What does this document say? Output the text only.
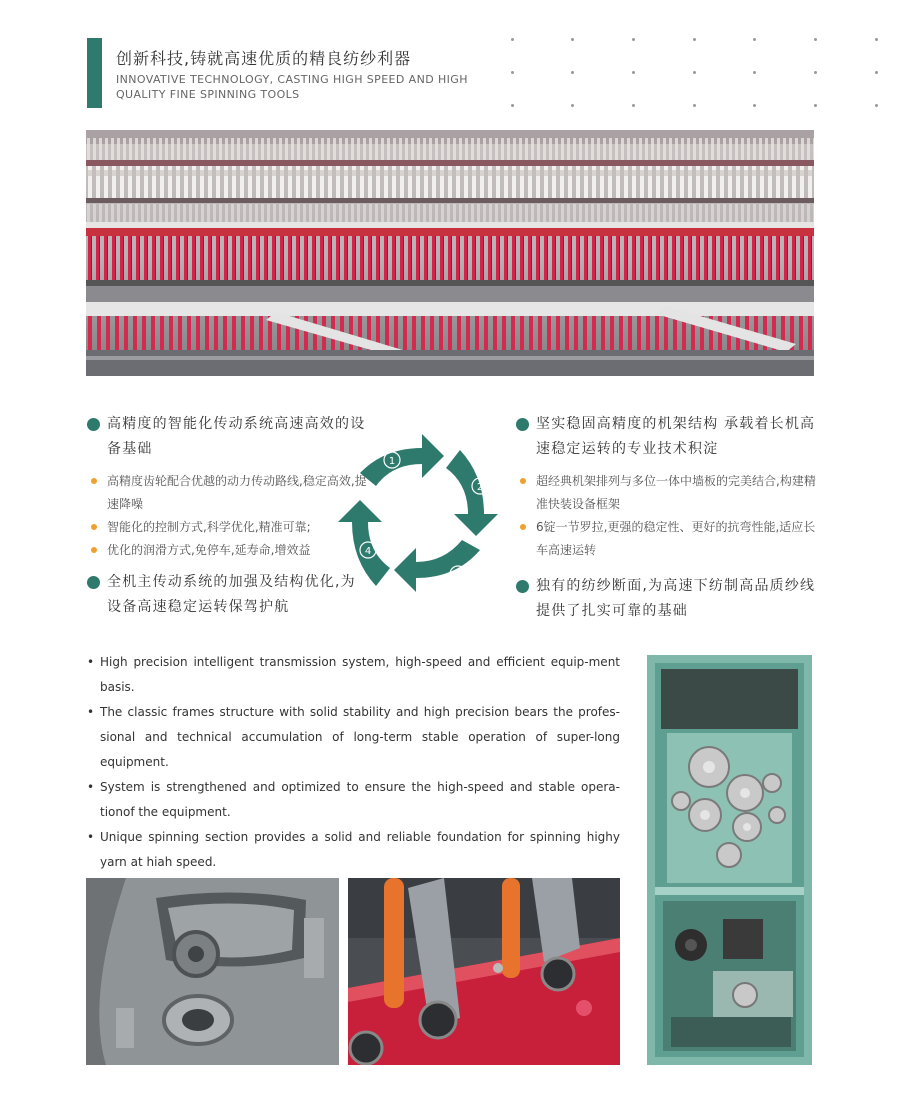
创新科技,铸就高速优质的精良纺纱利器
INNOVATIVE TECHNOLOGY, CASTING HIGH SPEED AND HIGH QUALITY FINE SPINNING TOOLS
高精度的智能化传动系统高速高效的设备基础
高精度齿轮配合优越的动力传动路线,稳定高效,提速降噪
智能化的控制方式,科学优化,精准可靠;
优化的润滑方式,免停车,延寿命,增效益
全机主传动系统的加强及结构优化,为设备高速稳定运转保驾护航
1
2
3
4
坚实稳固高精度的机架结构 承载着长机高速稳定运转的专业技术积淀
超经典机架排列与多位一体中墙板的完美结合,构建精准快装设备框架
6锭一节罗拉,更强的稳定性、更好的抗弯性能,适应长车高速运转
独有的纺纱断面,为高速下纺制高品质纱线提供了扎实可靠的基础
• High precision intelligent transmission system, high-speed and efficient equip-ment basis.
• The classic frames structure with solid stability and high precision bears the profes-sional and technical accumulation of long-term stable operation of super-long equipment.
• System is strengthened and optimized to ensure the high-speed and stable opera-tionof the equipment.
• Unique spinning section provides a solid and reliable foundation for spinning highy yarn at hiah speed.
